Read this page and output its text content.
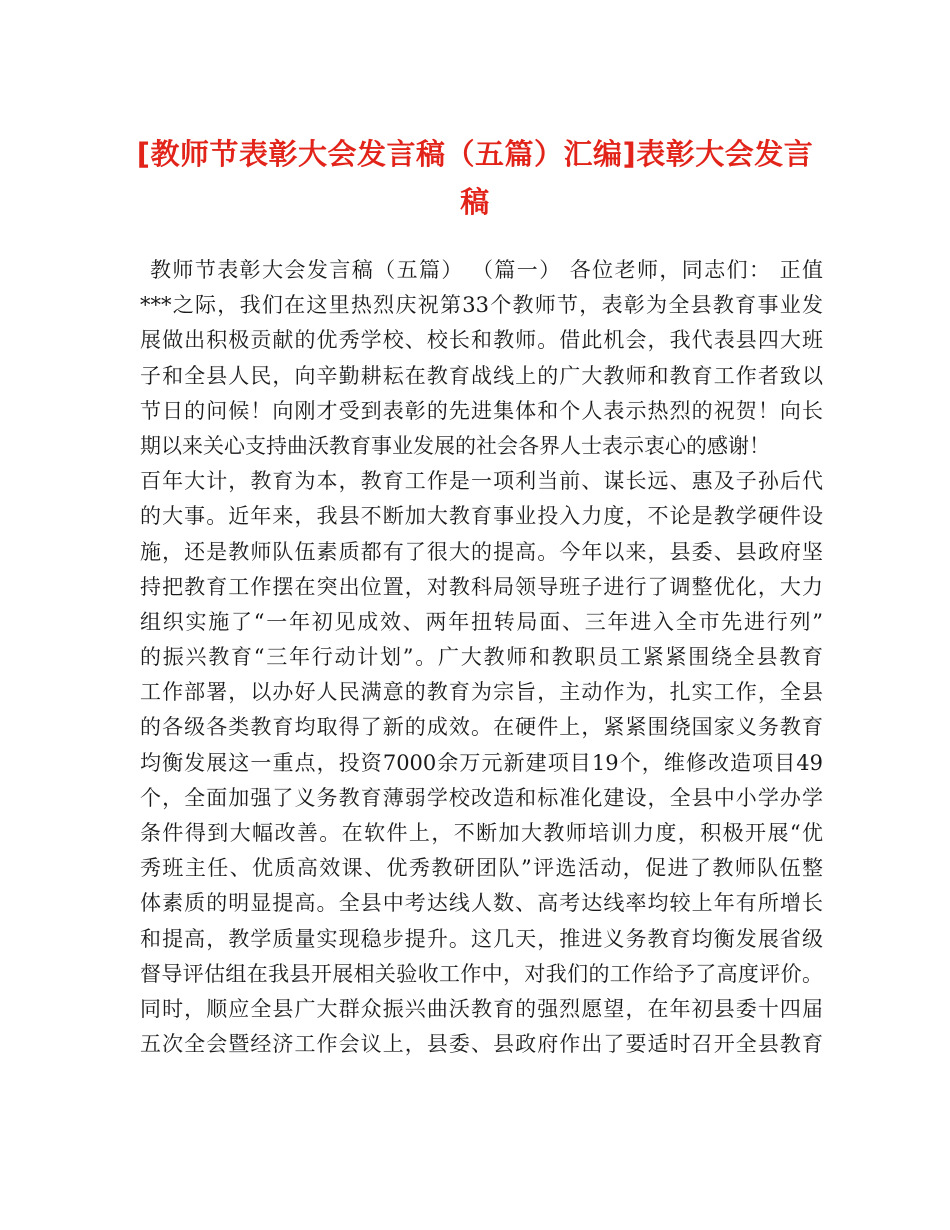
[教师节表彰大会发言稿（五篇）汇编]表彰大会发言
稿
教师节表彰大会发言稿（五篇） （篇一） 各位老师，同志们： 正值
***之际，我们在这里热烈庆祝第33个教师节，表彰为全县教育事业发
展做出积极贡献的优秀学校、校长和教师。借此机会，我代表县四大班
子和全县人民，向辛勤耕耘在教育战线上的广大教师和教育工作者致以
节日的问候！向刚才受到表彰的先进集体和个人表示热烈的祝贺！向长
期以来关心支持曲沃教育事业发展的社会各界人士表示衷心的感谢！
百年大计，教育为本，教育工作是一项利当前、谋长远、惠及子孙后代
的大事。近年来，我县不断加大教育事业投入力度，不论是教学硬件设
施，还是教师队伍素质都有了很大的提高。今年以来，县委、县政府坚
持把教育工作摆在突出位置，对教科局领导班子进行了调整优化，大力
组织实施了“一年初见成效、两年扭转局面、三年进入全市先进行列”
的振兴教育“三年行动计划”。广大教师和教职员工紧紧围绕全县教育
工作部署，以办好人民满意的教育为宗旨，主动作为，扎实工作，全县
的各级各类教育均取得了新的成效。在硬件上，紧紧围绕国家义务教育
均衡发展这一重点，投资7000余万元新建项目19个，维修改造项目49
个，全面加强了义务教育薄弱学校改造和标准化建设，全县中小学办学
条件得到大幅改善。在软件上，不断加大教师培训力度，积极开展“优
秀班主任、优质高效课、优秀教研团队”评选活动，促进了教师队伍整
体素质的明显提高。全县中考达线人数、高考达线率均较上年有所增长
和提高，教学质量实现稳步提升。这几天，推进义务教育均衡发展省级
督导评估组在我县开展相关验收工作中，对我们的工作给予了高度评价。
同时，顺应全县广大群众振兴曲沃教育的强烈愿望，在年初县委十四届
五次全会暨经济工作会议上，县委、县政府作出了要适时召开全县教育
